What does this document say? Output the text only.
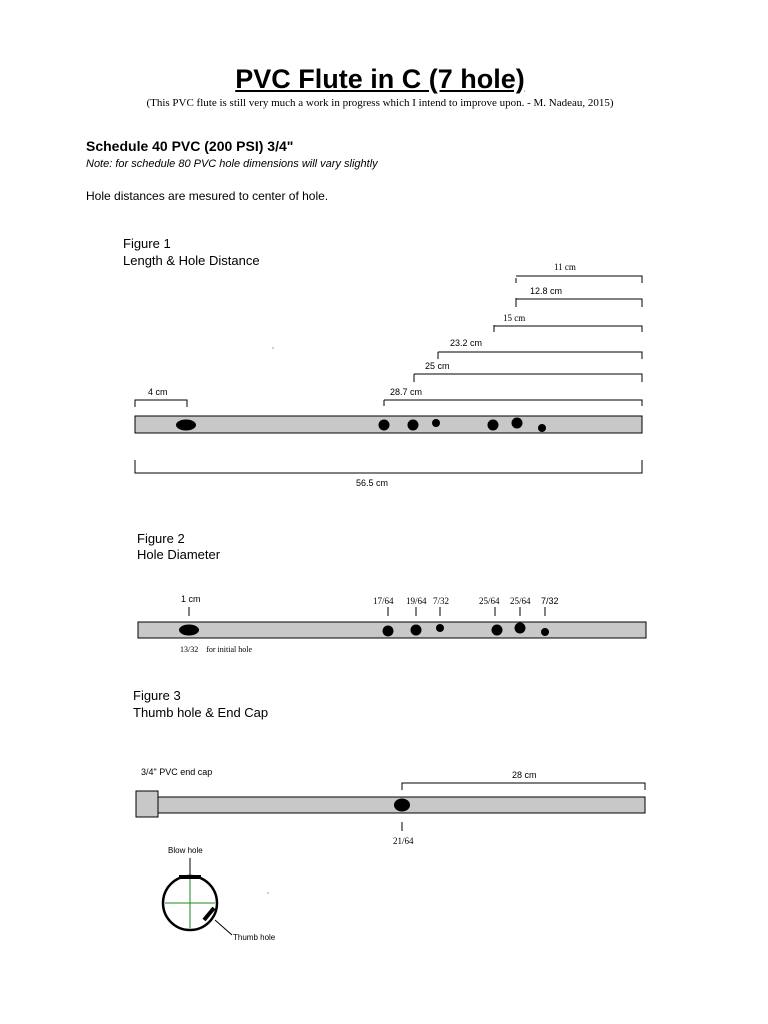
PVC Flute in C (7 hole)
(This PVC flute is still very much a work in progress which I intend to improve upon. - M. Nadeau, 2015)
Schedule 40 PVC (200 PSI) 3/4"
Note: for schedule 80 PVC hole dimensions will vary slightly
Hole distances are mesured to center of hole.
Figure 1
Length & Hole Distance	11 cm
12.8 cm
15 cm
23.2 cm
25 cm
28.7 cm
4 cm
56.5 cm
Figure 2
Hole Diameter
1 cm	17/64 19/64 7/32	25/64 25/64 7/32
13/32    for initial hole
Figure 3
Thumb hole & End Cap
3/4" PVC end cap	28 cm
21/64
Blow hole
Thumb hole
